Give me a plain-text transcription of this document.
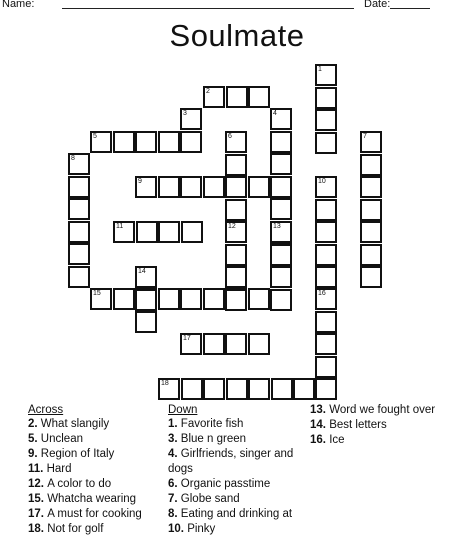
Name:	Date:
Soulmate
2
5
9
11
15
17
18
1
3	4
13
6
12
7
8
10
14
16
Across
2. What slangily
5. Unclean
9. Region of Italy
11. Hard
12. A color to do
15. Whatcha wearing
17. A must for cooking
18. Not for golf
Down
1. Favorite fish
3. Blue n green
4. Girlfriends, singer and dogs
6. Organic passtime
7. Globe sand
8. Eating and drinking at
10. Pinky
13. Word we fought over
14. Best letters
16. Ice
